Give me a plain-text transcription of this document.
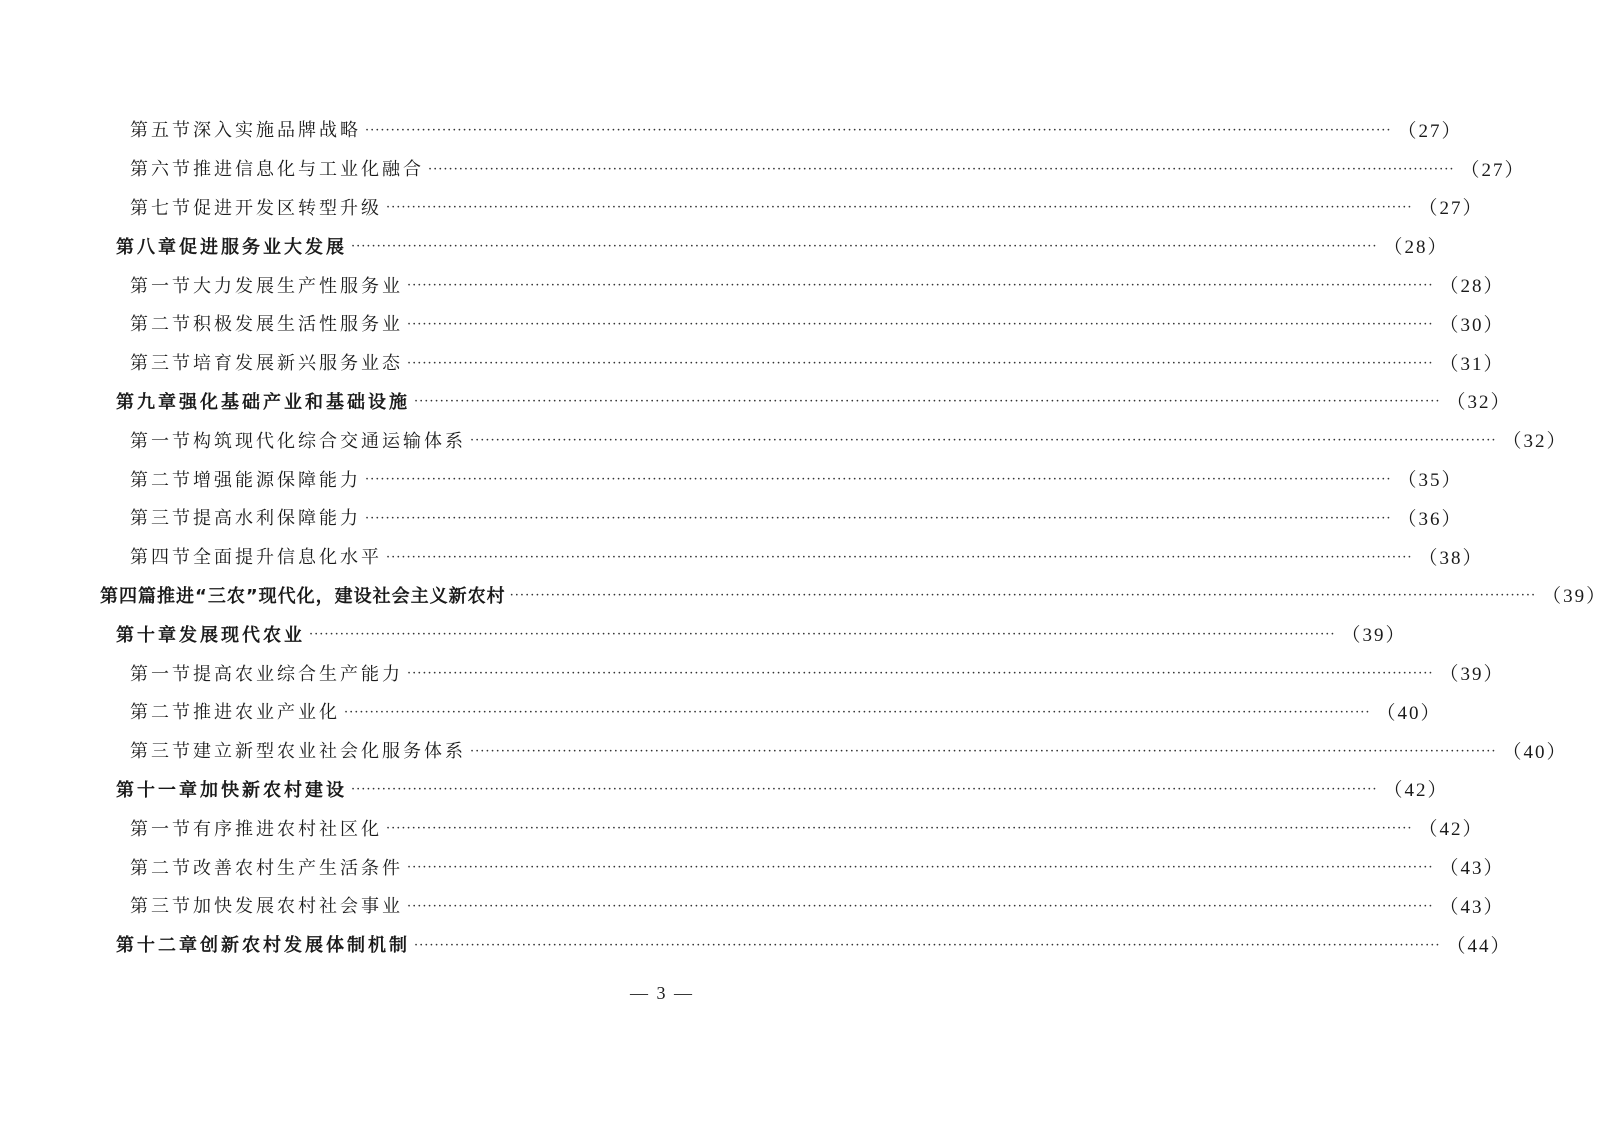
第五节 深入实施品牌战略 ········································································································································································································ （27）
第六节 推进信息化与工业化融合 ········································································································································································································ （27）
第七节 促进开发区转型升级 ········································································································································································································ （27）
第八章 促进服务业大发展 ········································································································································································································ （28）
第一节 大力发展生产性服务业 ········································································································································································································ （28）
第二节 积极发展生活性服务业 ········································································································································································································ （30）
第三节 培育发展新兴服务业态 ········································································································································································································ （31）
第九章 强化基础产业和基础设施 ········································································································································································································ （32）
第一节 构筑现代化综合交通运输体系 ········································································································································································································ （32）
第二节 增强能源保障能力 ········································································································································································································ （35）
第三节 提高水利保障能力 ········································································································································································································ （36）
第四节 全面提升信息化水平 ········································································································································································································ （38）
第四篇 推进“三农”现代化，建设社会主义新农村 ········································································································································································································ （39）
第十章 发展现代农业 ········································································································································································································ （39）
第一节 提高农业综合生产能力 ········································································································································································································ （39）
第二节 推进农业产业化 ········································································································································································································ （40）
第三节 建立新型农业社会化服务体系 ········································································································································································································ （40）
第十一章 加快新农村建设 ········································································································································································································ （42）
第一节 有序推进农村社区化 ········································································································································································································ （42）
第二节 改善农村生产生活条件 ········································································································································································································ （43）
第三节 加快发展农村社会事业 ········································································································································································································ （43）
第十二章 创新农村发展体制机制 ········································································································································································································ （44）
— 3 —
